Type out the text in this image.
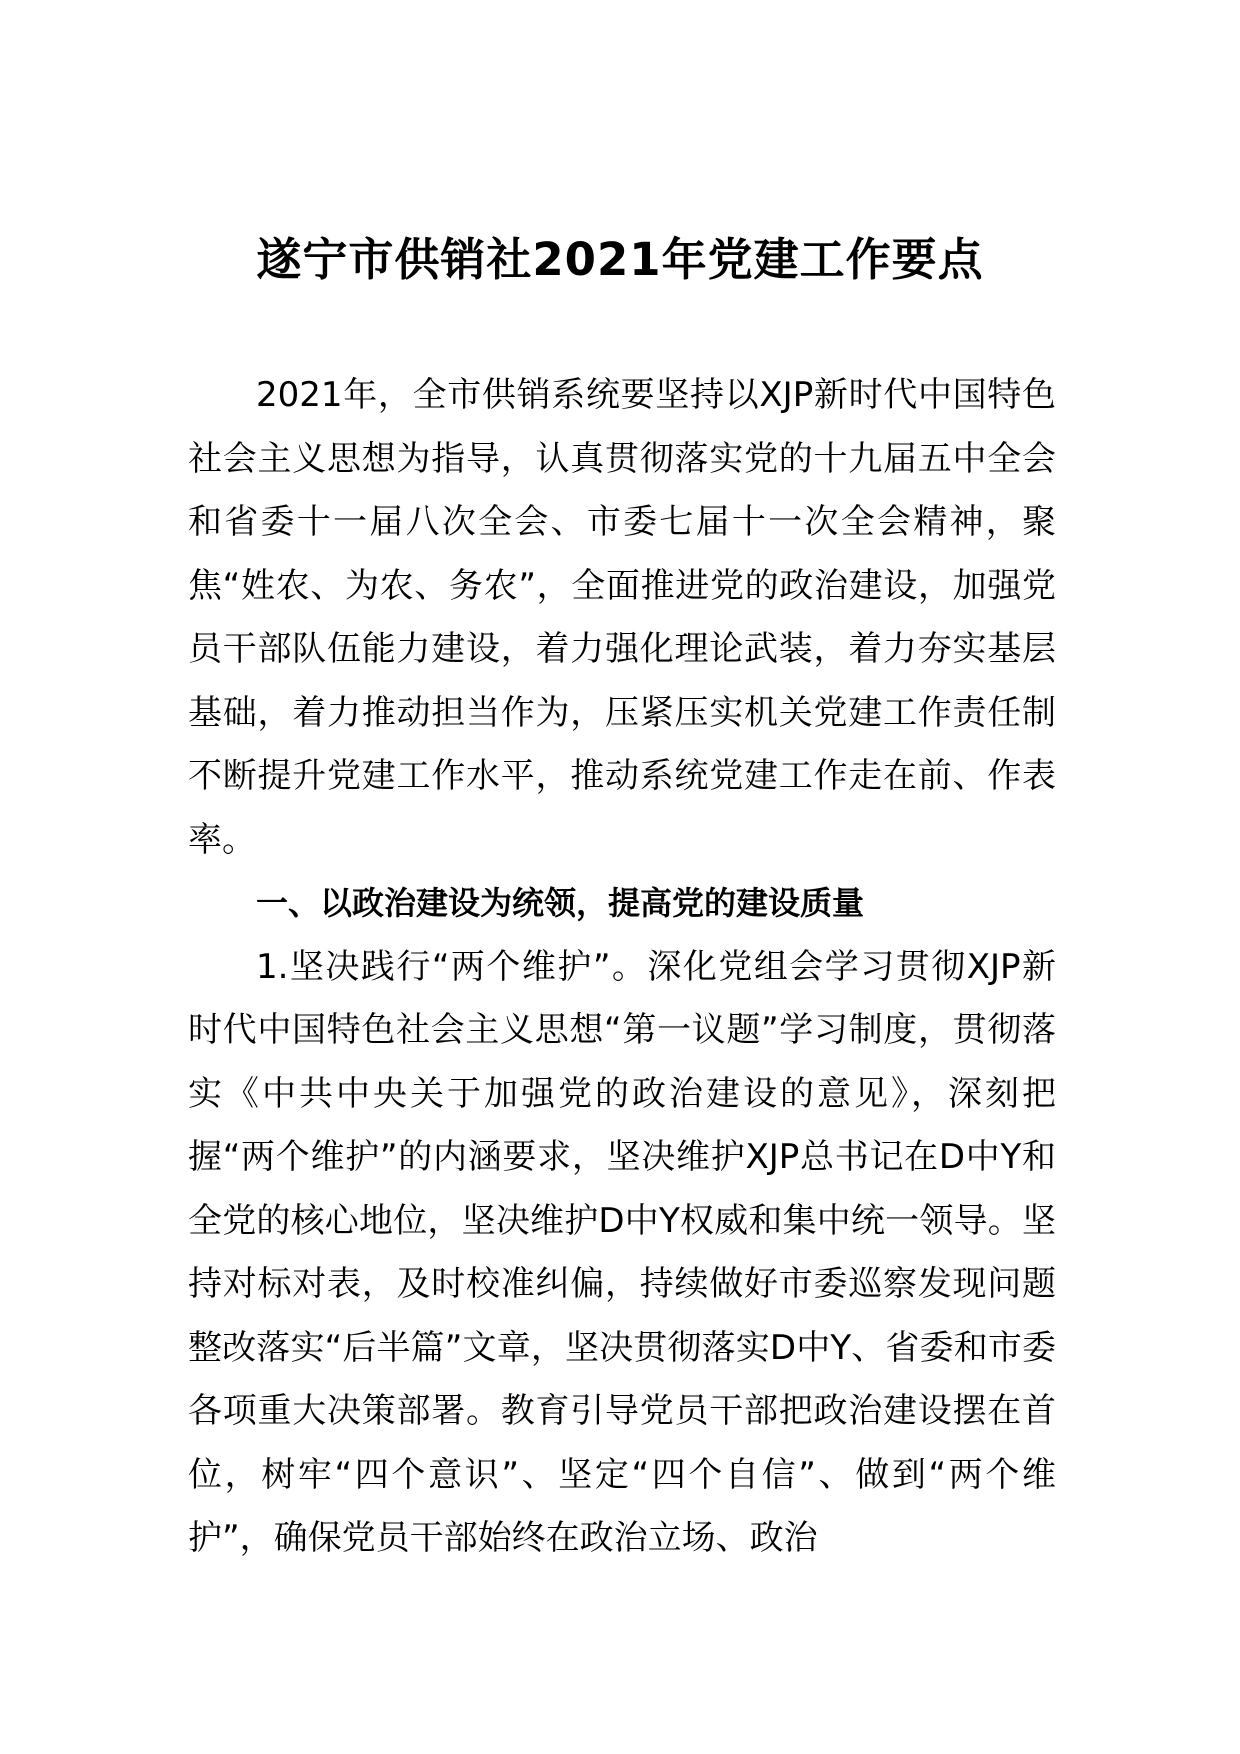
遂宁市供销社2021年党建工作要点

2021年，全市供销系统要坚持以XJP新时代中国特色社会主义思想为指导，认真贯彻落实党的十九届五中全会和省委十一届八次全会、市委七届十一次全会精神，聚焦“姓农、为农、务农”，全面推进党的政治建设，加强党员干部队伍能力建设，着力强化理论武装，着力夯实基层基础，着力推动担当作为，压紧压实机关党建工作责任制不断提升党建工作水平，推动系统党建工作走在前、作表率。

一、以政治建设为统领，提高党的建设质量

1.坚决践行“两个维护”。深化党组会学习贯彻XJP新时代中国特色社会主义思想“第一议题”学习制度，贯彻落实《中共中央关于加强党的政治建设的意见》，深刻把握“两个维护”的内涵要求，坚决维护XJP总书记在D中Y和全党的核心地位，坚决维护D中Y权威和集中统一领导。坚持对标对表，及时校准纠偏，持续做好市委巡察发现问题整改落实“后半篇”文章，坚决贯彻落实D中Y、省委和市委各项重大决策部署。教育引导党员干部把政治建设摆在首位，树牢“四个意识”、坚定“四个自信”、做到“两个维护”，确保党员干部始终在政治立场、政治
